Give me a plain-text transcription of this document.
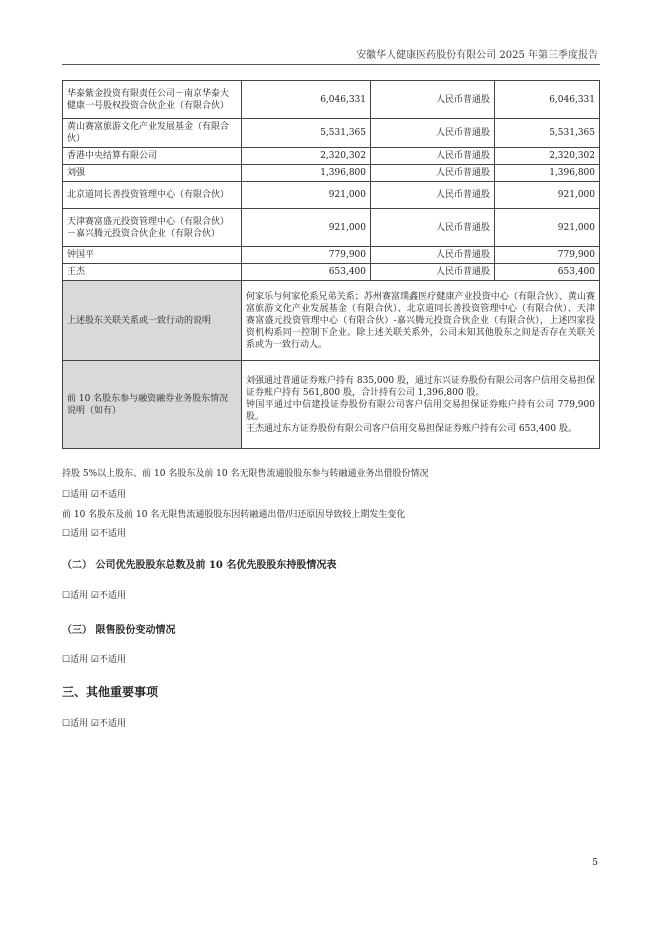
安徽华人健康医药股份有限公司 2025 年第三季度报告
华泰紫金投资有限责任公司－南京华泰大健康一号股权投资合伙企业（有限合伙）	6,046,331	人民币普通股	6,046,331
黄山赛富旅游文化产业发展基金（有限合伙）	5,531,365	人民币普通股	5,531,365
香港中央结算有限公司	2,320,302	人民币普通股	2,320,302
刘强	1,396,800	人民币普通股	1,396,800
北京道同长善投资管理中心（有限合伙）	921,000	人民币普通股	921,000
天津赛富盛元投资管理中心（有限合伙）－嘉兴腾元投资合伙企业（有限合伙）	921,000	人民币普通股	921,000
钟国平	779,900	人民币普通股	779,900
王杰	653,400	人民币普通股	653,400
上述股东关联关系或一致行动的说明	何家乐与何家伦系兄弟关系；苏州赛富璞鑫医疗健康产业投资中心（有限合伙）、黄山赛富旅游文化产业发展基金（有限合伙）、北京道同长善投资管理中心（有限合伙）、天津赛富盛元投资管理中心（有限合伙）-嘉兴腾元投资合伙企业（有限合伙），上述四家投资机构系同一控制下企业。除上述关联关系外，公司未知其他股东之间是否存在关联关系或为一致行动人。		
前 10 名股东参与融资融券业务股东情况说明（如有）	刘强通过普通证券账户持有 835,000 股，通过东兴证券股份有限公司客户信用交易担保证券账户持有 561,800 股，合计持有公司 1,396,800 股。
钟国平通过中信建投证券股份有限公司客户信用交易担保证券账户持有公司 779,900 股。
王杰通过东方证券股份有限公司客户信用交易担保证券账户持有公司 653,400 股。		
持股 5%以上股东、前 10 名股东及前 10 名无限售流通股股东参与转融通业务出借股份情况
☐适用 ☑不适用
前 10 名股东及前 10 名无限售流通股股东因转融通出借/归还原因导致较上期发生变化
☐适用 ☑不适用
（二） 公司优先股股东总数及前 10 名优先股股东持股情况表
☐适用 ☑不适用
（三） 限售股份变动情况
☐适用 ☑不适用
三、其他重要事项
☐适用 ☑不适用
5
